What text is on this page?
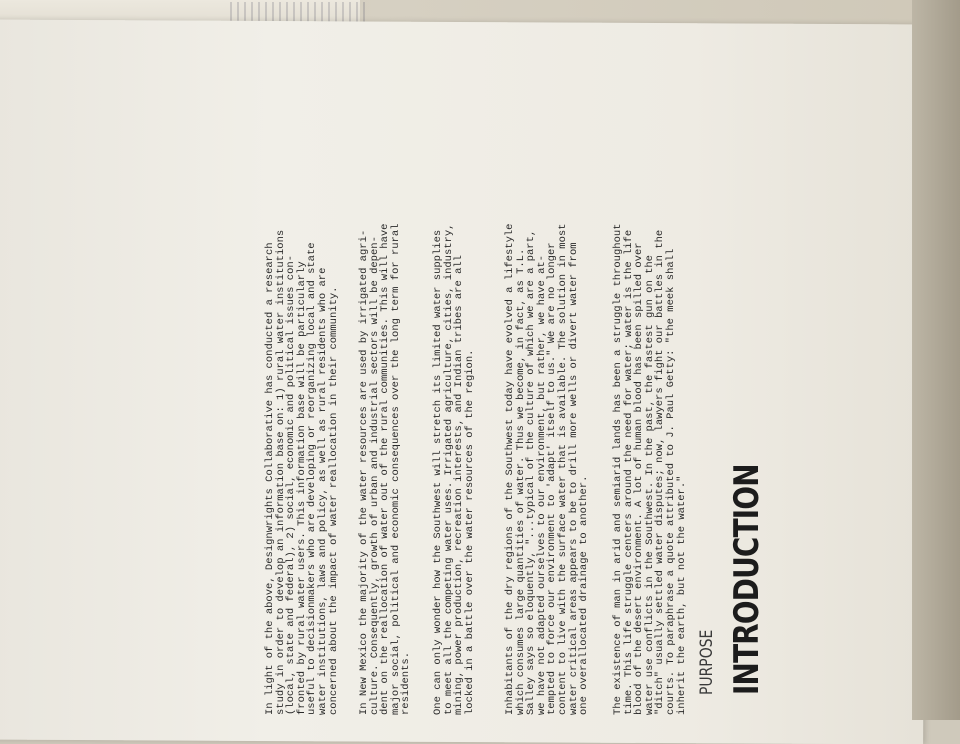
INTRODUCTION
PURPOSE
The existence of man in arid and semiarid lands has been a struggle throughout
time. This life struggle centers around the need for water; water is the life
blood of the desert environment. A lot of human blood has been spilled over
water use conflicts in the Southwest. In the past, the fastest gun on the
"ditch" usually settled water disputes; now, lawyers fight our battles in the
courts. To paraphrase a quote attributed to J. Paul Getty: "the meek shall
inherit the earth, but not the water."
Inhabitants of the dry regions of the Southwest today have evolved a lifestyle
which consumes large quantities of water. Thus we become, in fact, as T.L.
Salley says so eloquently, "...typical of the culture of which we are a part,
we have not adapted ourselves to our environment, but rather, we have at-
tempted to force our environment to 'adapt' itself to us." We are no longer
content to live with the surface water that is available. The solution in most
water critical areas appears to be to drill more wells or divert water from
one overallocated drainage to another.
One can only wonder how the Southwest will stretch its limited water supplies
to meet all the competing water uses. Irrigated agriculture, cities, industry,
mining, power production, recreation interests, and Indian tribes are all
locked in a battle over the water resources of the region.
In New Mexico the majority of the water resources are used by irrigated agri-
culture. Consequently, growth of urban and industrial sectors will be depen-
dent on the reallocation of water out of the rural communities. This will have
major social, political and economic consequences over the long term for rural
residents.
In light of the above, Designwrights Collaborative has conducted a research
study in order to develop an information base on: 1) rural water institutions
(local, state and federal), 2) social, economic and political issues con-
fronted by rural water users. This information base will be particularly
useful to decisionmakers who are developing or reorganizing local and state
water institutions, laws and policy, as well as rural residents who are
concerned about the impact of water reallocation in their community.
